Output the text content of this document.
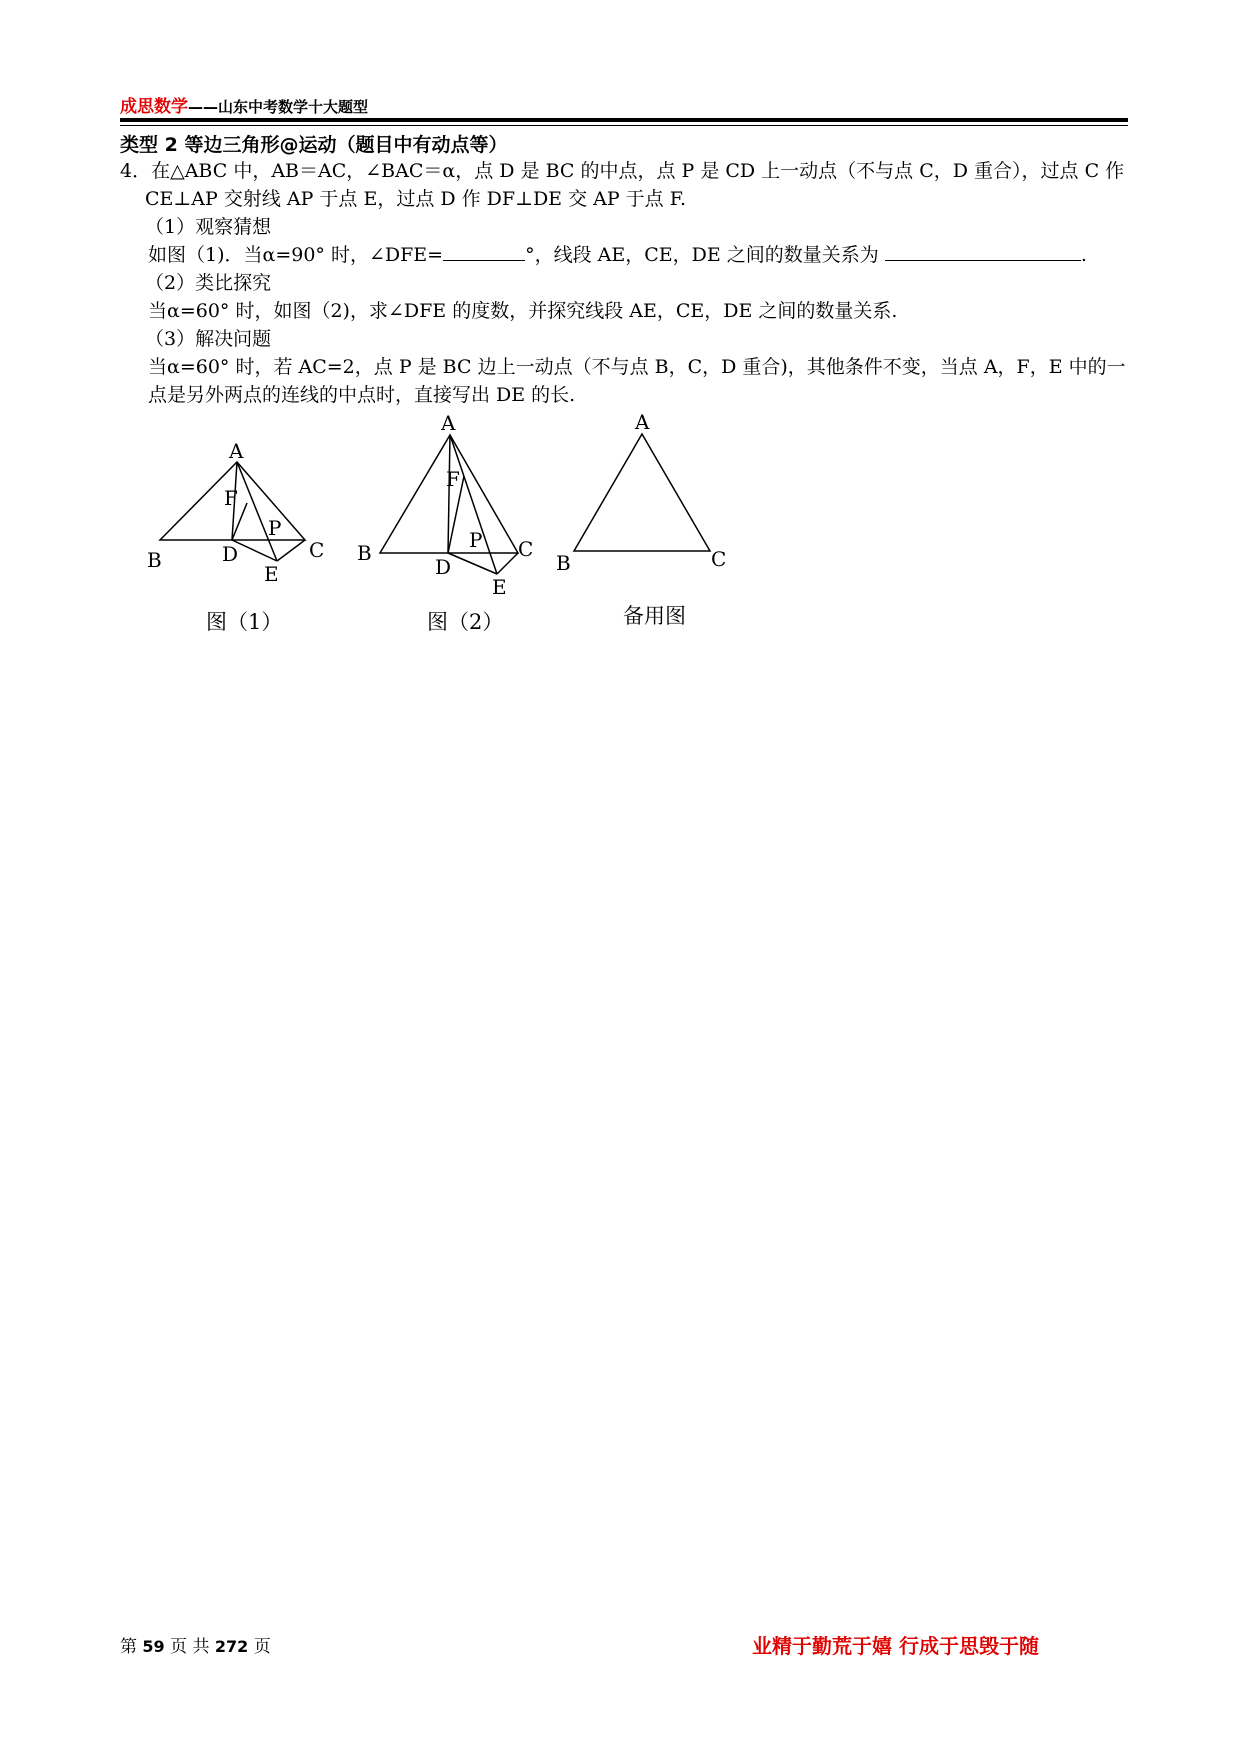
成思数学——山东中考数学十大题型
类型 2 等边三角形@运动（题目中有动点等）
4．在△ABC 中，AB＝AC，∠BAC＝α，点 D 是 BC 的中点，点 P 是 CD 上一动点（不与点 C，D 重合），过点 C 作
CE⊥AP 交射线 AP 于点 E，过点 D 作 DF⊥DE 交 AP 于点 F.
（1）观察猜想
如图（1)．当α=90° 时，∠DFE=	°，线段 AE，CE，DE 之间的数量关系为	.
（2）类比探究
当α=60° 时，如图（2)，求∠DFE 的度数，并探究线段 AE，CE，DE 之间的数量关系.
（3）解决问题
当α=60° 时，若 AC=2，点 P 是 BC 边上一动点（不与点 B，C，D 重合)，其他条件不变，当点 A，F，E 中的一
点是另外两点的连线的中点时，直接写出 DE 的长.
A
B	C
D
E
F
P
A
B	C
D
E
F
P
A
B	C
图（1）	图（2）	备用图
第 59 页 共 272 页	业精于勤荒于嬉 行成于思毁于随
